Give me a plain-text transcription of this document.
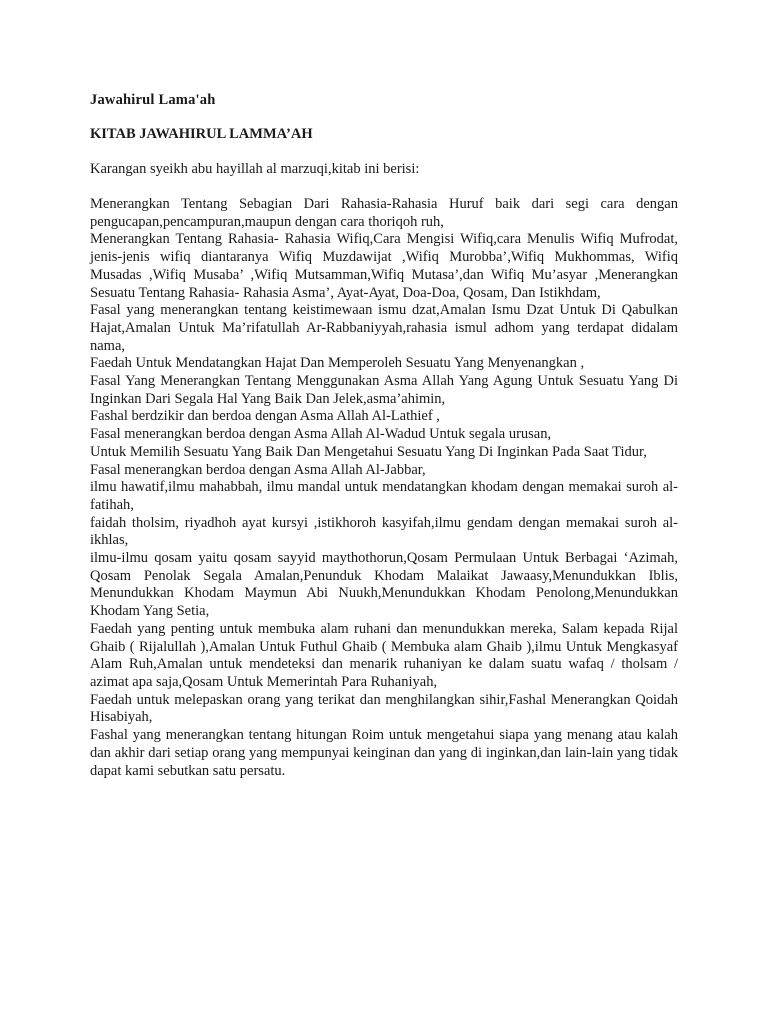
Jawahirul Lama'ah
KITAB JAWAHIRUL LAMMA’AH
Karangan syeikh abu hayillah al marzuqi,kitab ini berisi:

Menerangkan Tentang Sebagian Dari Rahasia-Rahasia Huruf baik dari segi cara dengan pengucapan,pencampuran,maupun dengan cara thoriqoh ruh,

Menerangkan Tentang Rahasia- Rahasia Wifiq,Cara Mengisi Wifiq,cara Menulis Wifiq Mufrodat, jenis-jenis wifiq diantaranya Wifiq Muzdawijat ,Wifiq Murobba’,Wifiq Mukhommas, Wifiq Musadas ,Wifiq Musaba’ ,Wifiq Mutsamman,Wifiq Mutasa’,dan Wifiq Mu’asyar ,Menerangkan Sesuatu Tentang Rahasia- Rahasia Asma’, Ayat-Ayat, Doa-Doa, Qosam, Dan Istikhdam,

Fasal yang menerangkan tentang keistimewaan ismu dzat,Amalan Ismu Dzat Untuk Di Qabulkan Hajat,Amalan Untuk Ma’rifatullah Ar-Rabbaniyyah,rahasia ismul adhom yang terdapat didalam nama,

Faedah Untuk Mendatangkan Hajat Dan Memperoleh Sesuatu Yang Menyenangkan ,

Fasal Yang Menerangkan Tentang Menggunakan Asma Allah Yang Agung Untuk Sesuatu Yang Di Inginkan Dari Segala Hal Yang Baik Dan Jelek,asma’ahimin,

Fashal berdzikir dan berdoa dengan Asma Allah Al-Lathief ,

Fasal menerangkan berdoa dengan Asma Allah Al-Wadud Untuk segala urusan,

Untuk Memilih Sesuatu Yang Baik Dan Mengetahui Sesuatu Yang Di Inginkan Pada Saat Tidur,

Fasal menerangkan berdoa dengan Asma Allah Al-Jabbar,

ilmu hawatif,ilmu mahabbah, ilmu mandal untuk mendatangkan khodam dengan memakai suroh al-fatihah,

faidah tholsim, riyadhoh ayat kursyi ,istikhoroh kasyifah,ilmu gendam dengan memakai suroh al-ikhlas,

ilmu-ilmu qosam yaitu qosam sayyid maythothorun,Qosam Permulaan Untuk Berbagai ‘Azimah, Qosam Penolak Segala Amalan,Penunduk Khodam Malaikat Jawaasy,Menundukkan Iblis, Menundukkan Khodam Maymun Abi Nuukh,Menundukkan Khodam Penolong,Menundukkan Khodam Yang Setia,

Faedah yang penting untuk membuka alam ruhani dan menundukkan mereka, Salam kepada Rijal Ghaib ( Rijalullah ),Amalan Untuk Futhul Ghaib ( Membuka alam Ghaib ),ilmu Untuk Mengkasyaf Alam Ruh,Amalan untuk mendeteksi dan menarik ruhaniyan ke dalam suatu wafaq / tholsam / azimat apa saja,Qosam Untuk Memerintah Para Ruhaniyah,

Faedah untuk melepaskan orang yang terikat dan menghilangkan sihir,Fashal Menerangkan Qoidah Hisabiyah,

Fashal yang menerangkan tentang hitungan Roim untuk mengetahui siapa yang menang atau kalah dan akhir dari setiap orang yang mempunyai keinginan dan yang di inginkan,dan lain-lain yang tidak dapat kami sebutkan satu persatu.
